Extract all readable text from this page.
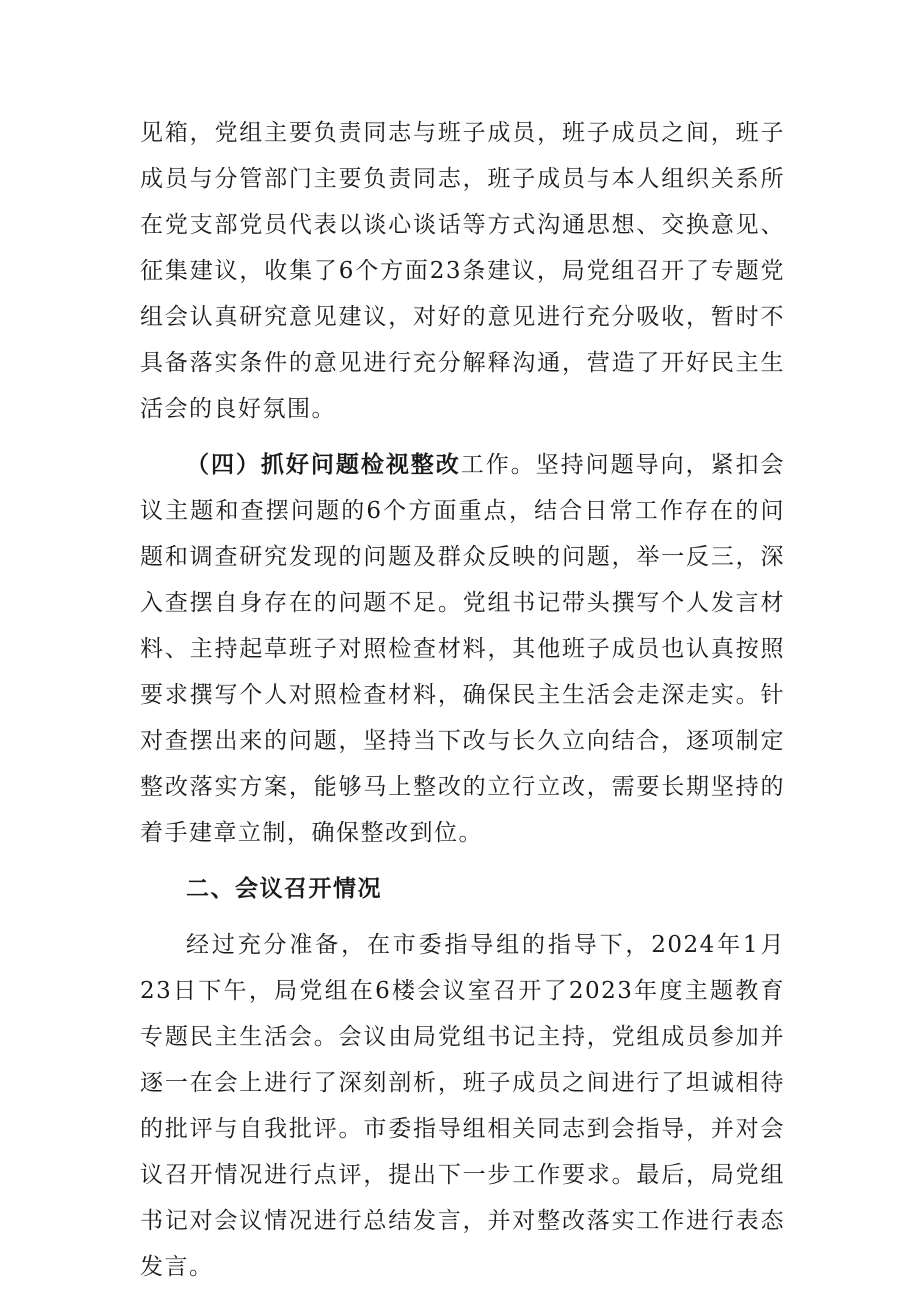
见箱，党组主要负责同志与班子成员，班子成员之间，班子成员与分管部门主要负责同志，班子成员与本人组织关系所在党支部党员代表以谈心谈话等方式沟通思想、交换意见、征集建议，收集了6个方面23条建议，局党组召开了专题党组会认真研究意见建议，对好的意见进行充分吸收，暂时不具备落实条件的意见进行充分解释沟通，营造了开好民主生活会的良好氛围。

（四）抓好问题检视整改工作。坚持问题导向，紧扣会议主题和查摆问题的6个方面重点，结合日常工作存在的问题和调查研究发现的问题及群众反映的问题，举一反三，深入查摆自身存在的问题不足。党组书记带头撰写个人发言材料、主持起草班子对照检查材料，其他班子成员也认真按照要求撰写个人对照检查材料，确保民主生活会走深走实。针对查摆出来的问题，坚持当下改与长久立向结合，逐项制定整改落实方案，能够马上整改的立行立改，需要长期坚持的着手建章立制，确保整改到位。

二、会议召开情况

经过充分准备，在市委指导组的指导下，2024年1月23日下午，局党组在6楼会议室召开了2023年度主题教育专题民主生活会。会议由局党组书记主持，党组成员参加并逐一在会上进行了深刻剖析，班子成员之间进行了坦诚相待的批评与自我批评。市委指导组相关同志到会指导，并对会议召开情况进行点评，提出下一步工作要求。最后，局党组书记对会议情况进行总结发言，并对整改落实工作进行表态发言。
